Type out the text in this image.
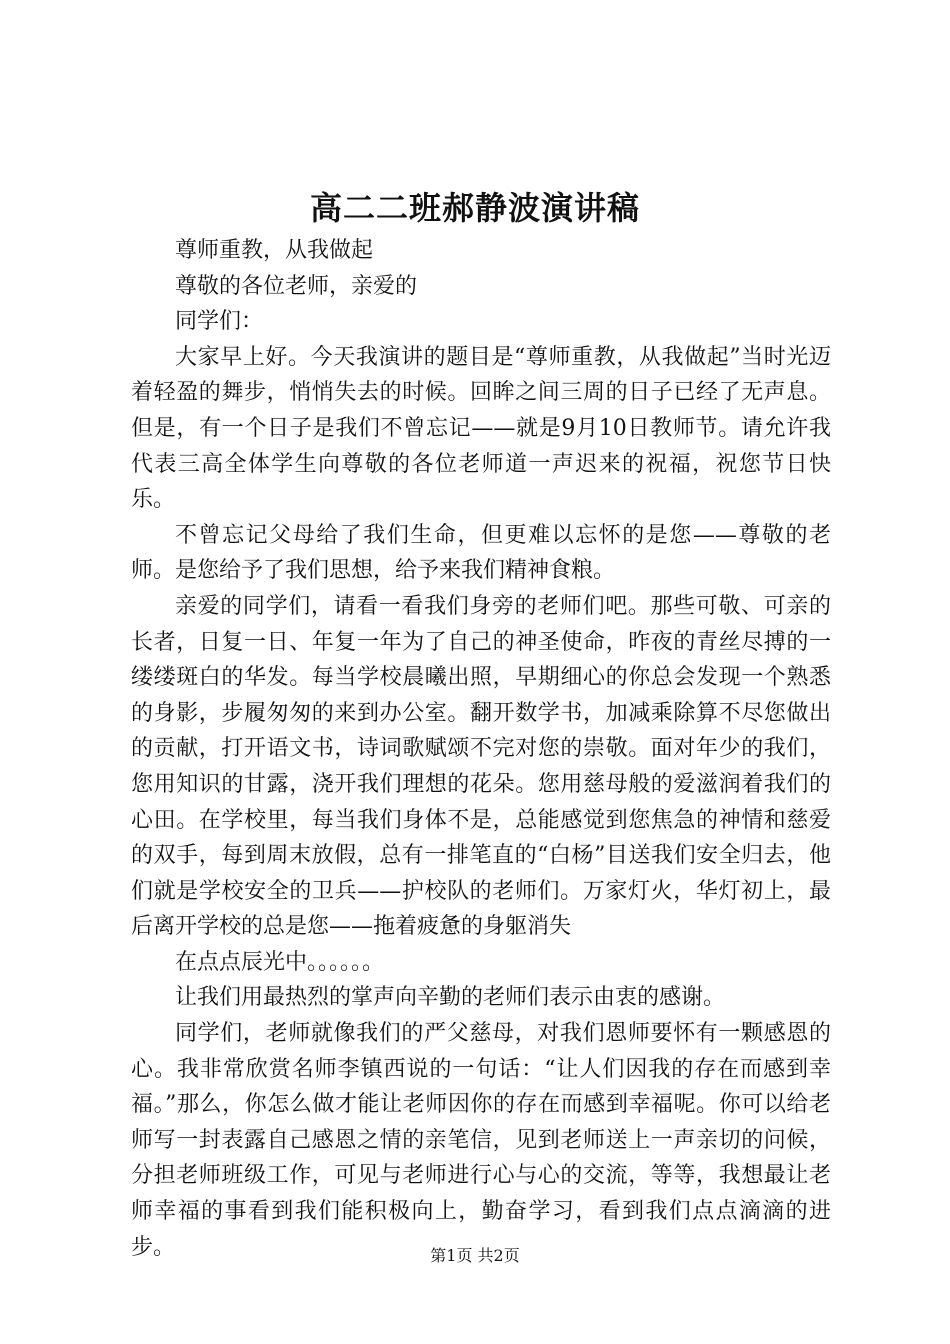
高二二班郝静波演讲稿

尊师重教，从我做起

尊敬的各位老师，亲爱的

同学们：

大家早上好。今天我演讲的题目是“尊师重教，从我做起”当时光迈着轻盈的舞步，悄悄失去的时候。回眸之间三周的日子已经了无声息。但是，有一个日子是我们不曾忘记——就是9月10日教师节。请允许我代表三高全体学生向尊敬的各位老师道一声迟来的祝福，祝您节日快乐。

不曾忘记父母给了我们生命，但更难以忘怀的是您——尊敬的老师。是您给予了我们思想，给予来我们精神食粮。

亲爱的同学们，请看一看我们身旁的老师们吧。那些可敬、可亲的长者，日复一日、年复一年为了自己的神圣使命，昨夜的青丝尽搏的一缕缕斑白的华发。每当学校晨曦出照，早期细心的你总会发现一个熟悉的身影，步履匆匆的来到办公室。翻开数学书，加减乘除算不尽您做出的贡献，打开语文书，诗词歌赋颂不完对您的崇敬。面对年少的我们，您用知识的甘露，浇开我们理想的花朵。您用慈母般的爱滋润着我们的心田。在学校里，每当我们身体不是，总能感觉到您焦急的神情和慈爱的双手，每到周末放假，总有一排笔直的“白杨”目送我们安全归去，他们就是学校安全的卫兵——护校队的老师们。万家灯火，华灯初上，最后离开学校的总是您——拖着疲惫的身躯消失

在点点辰光中。。。。。。

让我们用最热烈的掌声向辛勤的老师们表示由衷的感谢。

同学们，老师就像我们的严父慈母，对我们恩师要怀有一颗感恩的心。我非常欣赏名师李镇西说的一句话：“让人们因我的存在而感到幸福。”那么，你怎么做才能让老师因你的存在而感到幸福呢。你可以给老师写一封表露自己感恩之情的亲笔信，见到老师送上一声亲切的问候，分担老师班级工作，可见与老师进行心与心的交流，等等，我想最让老师幸福的事看到我们能积极向上，勤奋学习，看到我们点点滴滴的进步。	第1页 共2页
